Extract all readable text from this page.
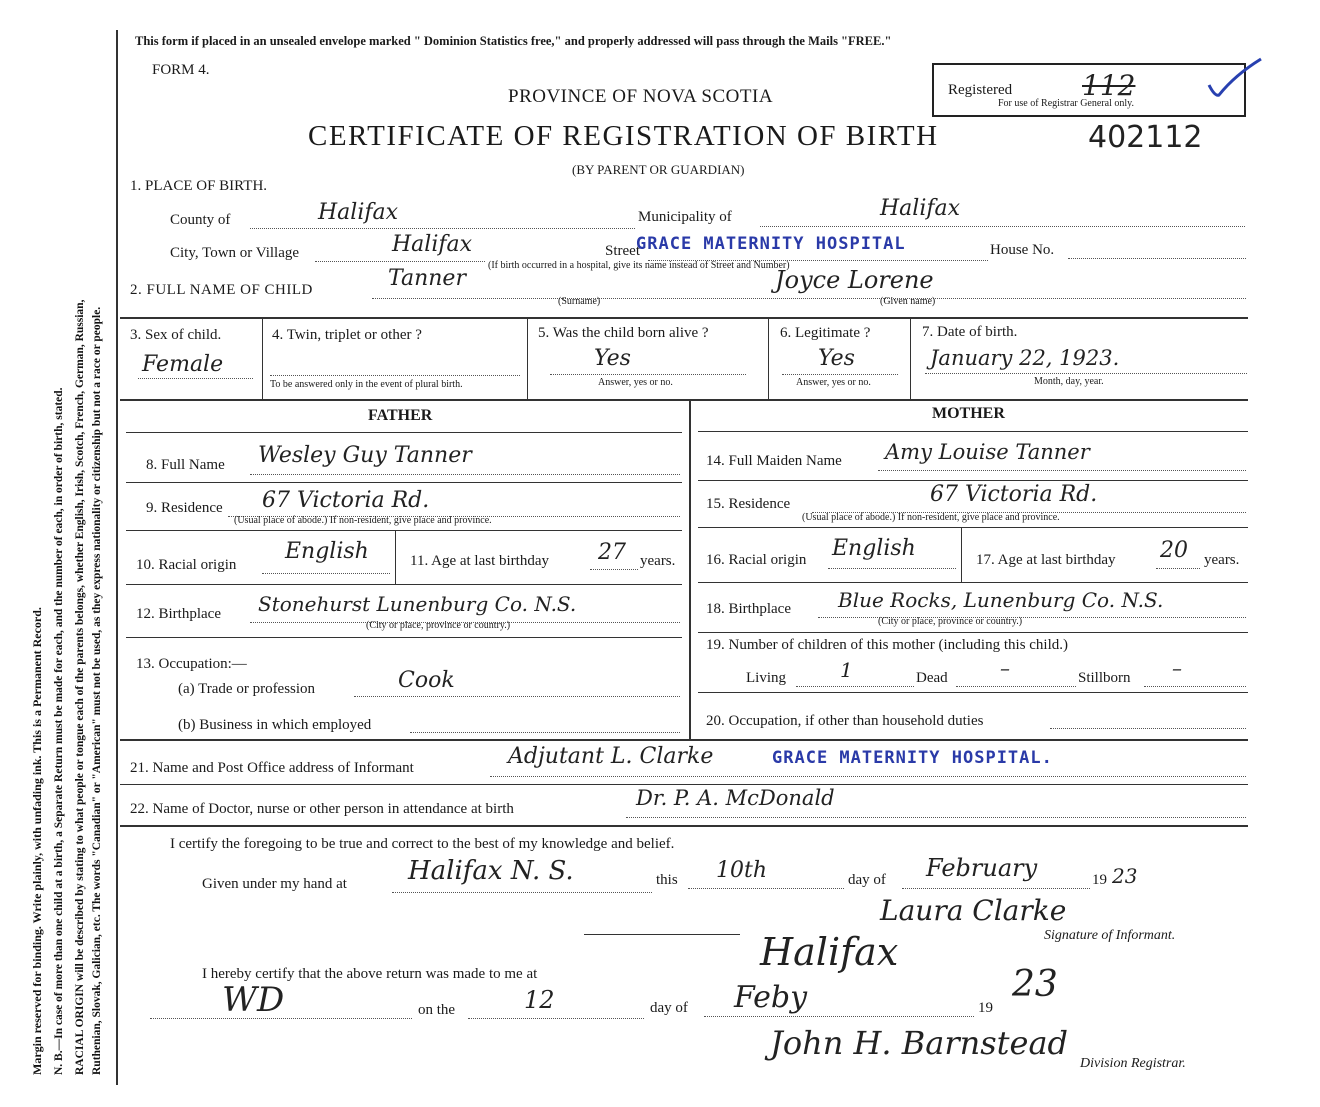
Margin reserved for binding. Write plainly, with unfading ink. This is a Permanent Record. N. B.—In case of more than one child at a birth, a Separate Return must be made for each, and the number of each, in order of birth, stated. RACIAL ORIGIN will be described by stating to what people or tongue each of the parents belongs, whether English, Irish, Scotch, French, German, Russian, Ruthenian, Slovak, Galician, etc. The words "Canadian" or "American" must not be used, as they express nationality or citizenship but not a race or people.
This form if placed in an unsealed envelope marked " Dominion Statistics free," and properly addressed will pass through the Mails "FREE."
FORM 4.
Registered 112
For use of Registrar General only.
PROVINCE OF NOVA SCOTIA
CERTIFICATE OF REGISTRATION OF BIRTH	402112
(BY PARENT OR GUARDIAN)
1. PLACE OF BIRTH.
County of	Halifax	Municipality of	Halifax
City, Town or Village	Halifax	Street
GRACE MATERNITY HOSPITAL	House No.
(If birth occurred in a hospital, give its name instead of Street and Number)
2. FULL NAME OF CHILD	Tanner
(Surname)
Joyce Lorene
(Given name)
3. Sex of child.
Female
4. Twin, triplet or other ?
To be answered only in the event of plural birth.
5. Was the child born alive ?
Yes
Answer, yes or no.
6. Legitimate ?
Yes
Answer, yes or no.
7. Date of birth.
January 22, 1923.
Month, day, year.
FATHER	MOTHER
8. Full Name Wesley Guy Tanner
9. Residence 67 Victoria Rd.
(Usual place of abode.) If non-resident, give place and province.
10. Racial origin
English	11. Age at last birthday 27 years.
12. Birthplace Stonehurst Lunenburg Co. N.S.
(City or place, province or country.)
13. Occupation:—
(a) Trade or profession	Cook
(b) Business in which employed
14. Full Maiden Name Amy Louise Tanner
15. Residence	67 Victoria Rd.
(Usual place of abode.) If non-resident, give place and province.
16. Racial origin English	17. Age at last birthday 20 years.
18. Birthplace Blue Rocks, Lunenburg Co. N.S.
(City or place, province or country.)
19. Number of children of this mother (including this child.)
Living	1	Dead	–	Stillborn –
20. Occupation, if other than household duties
21. Name and Post Office address of Informant	Adjutant L. Clarke	GRACE MATERNITY HOSPITAL.
22. Name of Doctor, nurse or other person in attendance at birth	Dr. P. A. McDonald
I certify the foregoing to be true and correct to the best of my knowledge and belief.
Given under my hand at Halifax N. S.	this 10th	day of February	19 23
Laura Clarke
Signature of Informant.
I hereby certify that the above return was made to me at	Halifax
WD	on the	12	day of Feby	19
23
John H. Barnstead
Division Registrar.
